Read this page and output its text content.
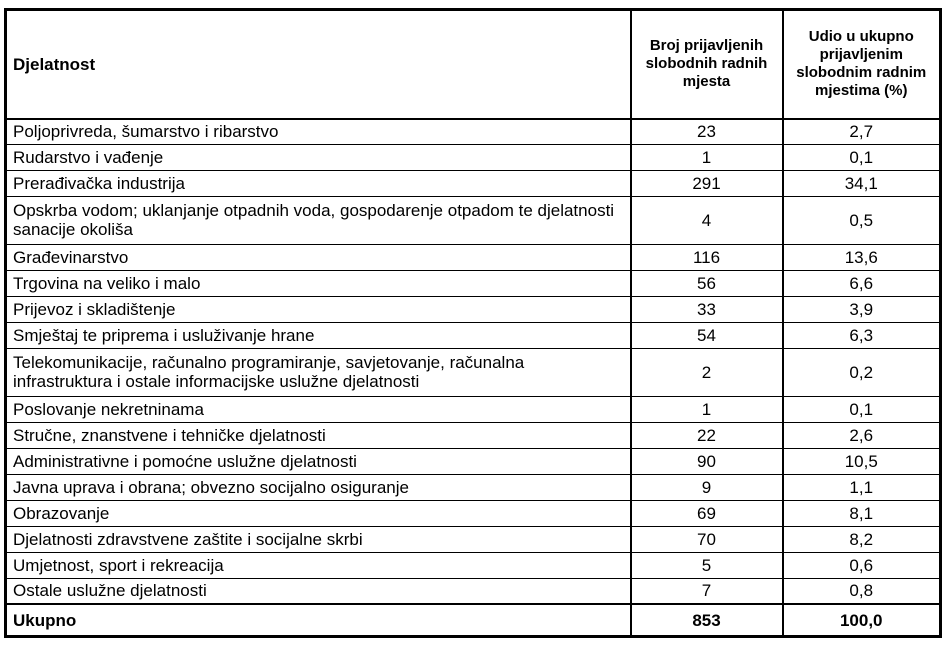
Djelatnost	Broj prijavljenih slobodnih radnih mjesta	Udio u ukupno prijavljenim slobodnim radnim mjestima (%)
Poljoprivreda, šumarstvo i ribarstvo	23	2,7
Rudarstvo i vađenje	1	0,1
Prerađivačka industrija	291	34,1
Opskrba vodom; uklanjanje otpadnih voda, gospodarenje otpadom te djelatnosti sanacije okoliša	4	0,5
Građevinarstvo	116	13,6
Trgovina na veliko i malo	56	6,6
Prijevoz i skladištenje	33	3,9
Smještaj te priprema i usluživanje hrane	54	6,3
Telekomunikacije, računalno programiranje, savjetovanje, računalna infrastruktura i ostale informacijske uslužne djelatnosti	2	0,2
Poslovanje nekretninama	1	0,1
Stručne, znanstvene i tehničke djelatnosti	22	2,6
Administrativne i pomoćne uslužne djelatnosti	90	10,5
Javna uprava i obrana; obvezno socijalno osiguranje	9	1,1
Obrazovanje	69	8,1
Djelatnosti zdravstvene zaštite i socijalne skrbi	70	8,2
Umjetnost, sport i rekreacija	5	0,6
Ostale uslužne djelatnosti	7	0,8
Ukupno	853	100,0
